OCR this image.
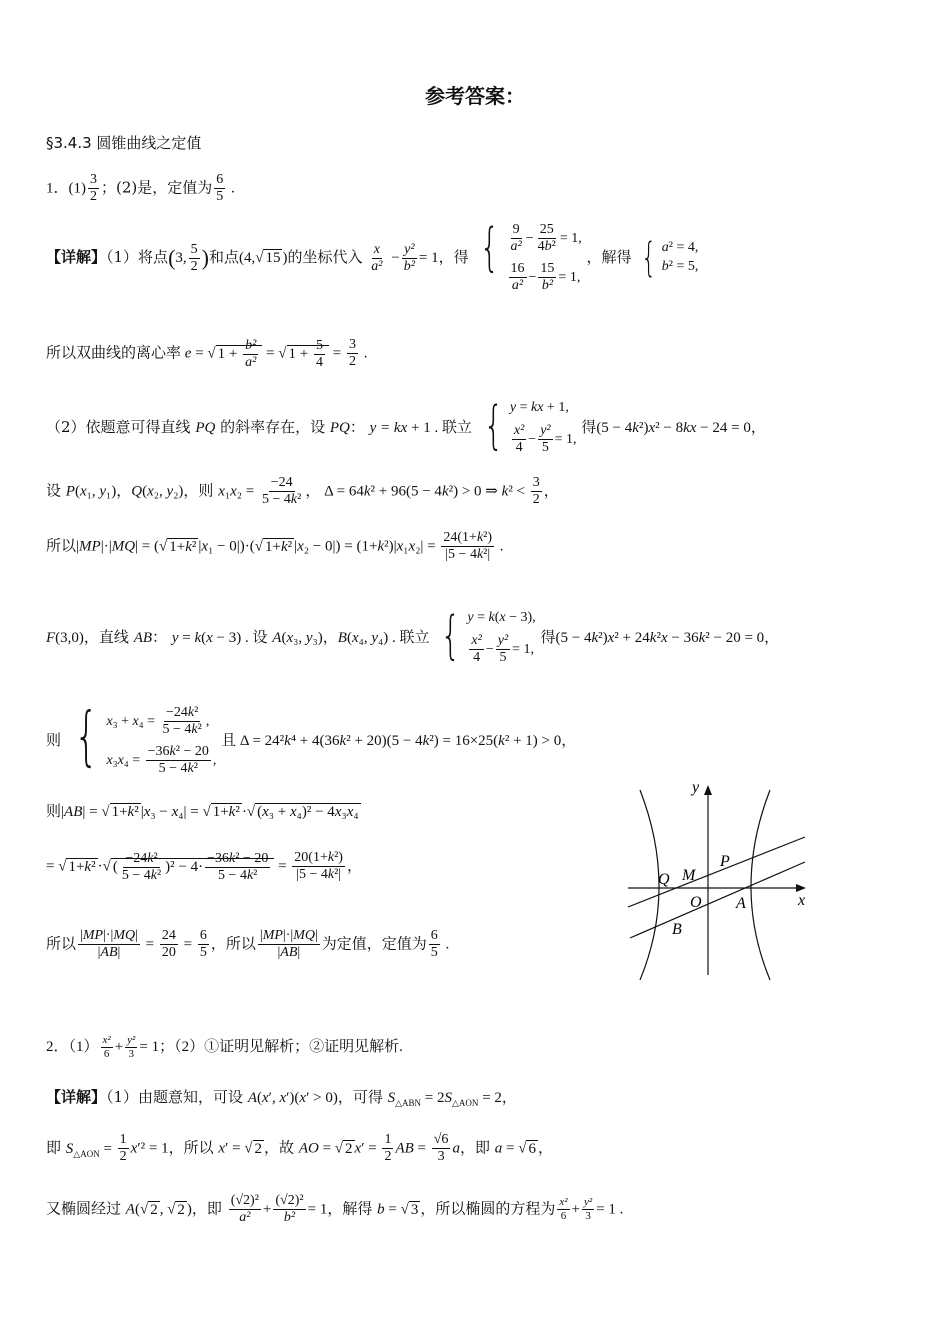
参考答案：
§3.4.3 圆锥曲线之定值
1．$(1) \frac{3}{2}$ ；(2)是，定值为 $\frac{6}{5}$ .
【详解】（1）将点(3, $\frac{5}{2}$ )和点(4,√ 15 )的坐标代入 $\frac{x}{\text{a²}} - \frac{\text{y²}}{\text{b²}} = 1$，得 { $\frac{9}{\text{a²}} - \frac{25}{\text{4b²}} = 1$,
$\frac{16}{\text{a²}} - \frac{15}{\text{b²}} = 1$,
，解得 { a² = 4,
b² = 5,
所以双曲线的离心率 e = √ $1 + \frac{\text{b²}}{\text{a²}}$ = √ $1 + \frac{5}{4} = \frac{3}{2}$ .
（2）依题意可得直线 PQ 的斜率存在，设 PQ： y = kx + 1 . 联立 { y = kx + 1,
$\frac{\text{x²}}{4} - \frac{\text{y²}}{5} = 1$,
得(5 − 4k²)x² − 8kx − 24 = 0，
设 P(x₁, y₁)，Q(x₂, y₂)，则 $x_1x_2 = \frac{-24}{\text{5 − 4k²}}$ ， Δ = 64k² + 96(5 − 4k²) > 0 ⇒ $k^2 < \frac{3}{2}$ ，
所以|MP|·|MQ| = (√ 1+k² |x₁ − 0|)·(√ 1+k² $|x_2 - 0|) = (1+k^2)|x_1x_2| = \frac{\text{24(1+k²)}}{\text{|5 − 4k²|}}$ .
F(3,0)，直线 AB： y = k(x − 3) . 设 A(x₃, y₃)，B(x₄, y₄) . 联立 { y = k(x − 3),
$\frac{\text{x²}}{4} - \frac{\text{y²}}{5} = 1$,
得(5 − 4k²)x² + 24k²x − 36k² − 20 = 0，
则 { $x_3 + x_4 = \frac{\text{−24k²}}{\text{5 − 4k²}}$ ,
$x_3x_4 = \frac{\text{−36k² − 20}}{\text{5 − 4k²}}$ ,
且 Δ = 24²k⁴ + 4(36k² + 20)(5 − 4k²) = 16×25(k² + 1) > 0，
则|AB| = √ 1+k² |x₃ − x₄| = √ 1+k² ·√ (x₃ + x₄)² − 4x₃x₄
= √ 1+k² ·√ ( $\frac{\text{−24k²}}{\text{5 − 4k²}} )^2 - 4\cdot \frac{\text{−36k² − 20}}{\text{5 − 4k²}} = \frac{\text{20(1+k²)}}{\text{|5 − 4k²|}}$ ，
所以 $\frac{|MP|\cdot|MQ|}{|AB|} = \frac{24}{20} = \frac{6}{5}$ ，所以 $\frac{|MP|\cdot|MQ|}{|AB|}$ 为定值，定值为 $\frac{6}{5}$ .
y
x
O
P
Q M
A
B
2．$(1) \frac{\text{x²}}{6} + \frac{\text{y²}}{3} = 1$；（2）①证明见解析；②证明见解析.
【详解】（1）由题意知，可设 A(x′, x′)(x′ > 0)，可得 $S_{\triangle ABN} = 2S_{\triangle AON} = 2$，
即 $S_{\triangle AON} = \frac{1}{2} x'^2 = 1$，所以 x′ = √ 2 ，故 AO = √ 2 $x' = \frac{1}{2}$ AB = $\frac{√6}{3}$ a，即 a = √ 6 ，
又椭圆经过 A(√ 2 , √ 2 )，即 $\frac{\text{(√2)²}}{\text{a²}} + \frac{\text{(√2)²}}{\text{b²}} = 1$，解得 b = √ 3 ，所以椭圆的方程为 $\frac{\text{x²}}{6} + \frac{\text{y²}}{3} = 1$ .
